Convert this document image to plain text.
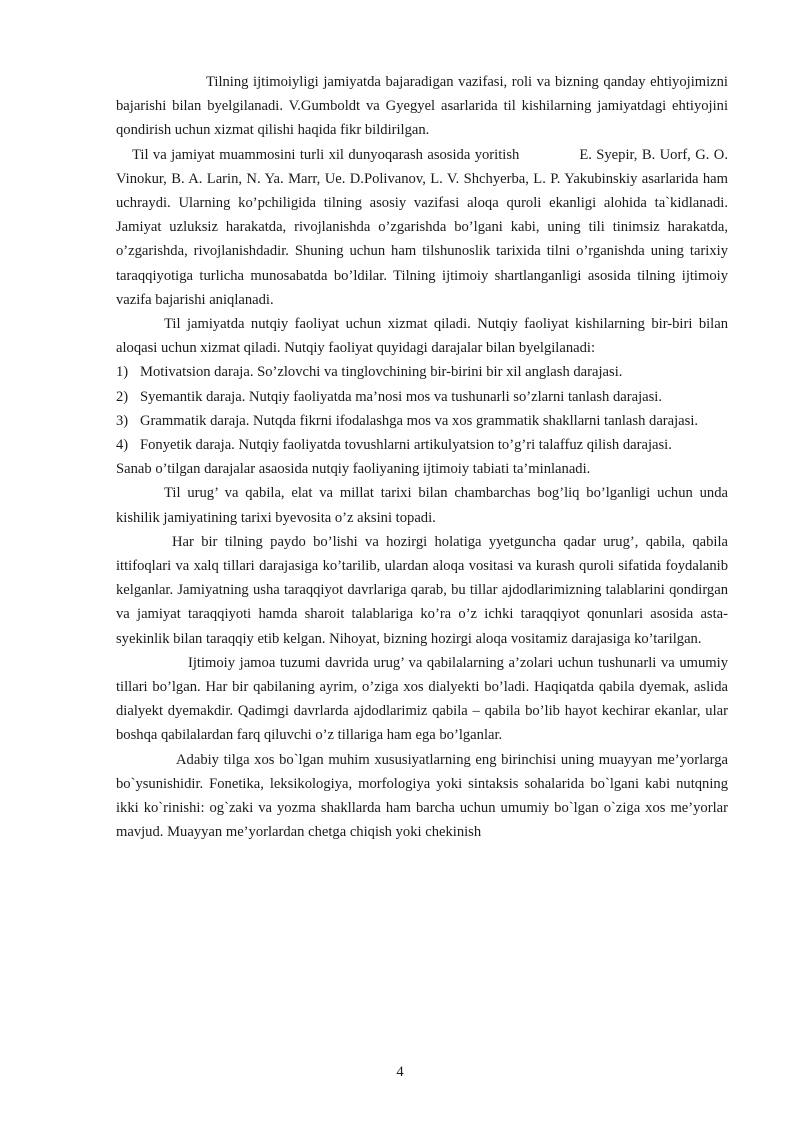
Tilning ijtimoiyligi jamiyatda bajaradigan vazifasi, roli va bizning qanday ehtiyojimizni bajarishi bilan byelgilanadi. V.Gumboldt va Gyegyel asarlarida til kishilarning jamiyatdagi ehtiyojini qondirish uchun xizmat qilishi haqida fikr bildirilgan.

Til va jamiyat muammosini turli xil dunyoqarash asosida yoritish	E. Syepir, B. Uorf, G. O. Vinokur, B. A. Larin, N. Ya. Marr, Ue. D.Polivanov, L. V. Shchyerba, L. P. Yakubinskiy asarlarida ham uchraydi. Ularning ko’pchiligida tilning asosiy vazifasi aloqa quroli ekanligi alohida ta`kidlanadi. Jamiyat uzluksiz harakatda, rivojlanishda o’zgarishda bo’lgani kabi, uning tili tinimsiz harakatda, o’zgarishda, rivojlanishdadir. Shuning uchun ham tilshunoslik tarixida tilni o’rganishda uning tarixiy taraqqiyotiga turlicha munosabatda bo’ldilar. Tilning ijtimoiy shartlanganligi asosida tilning ijtimoiy vazifa bajarishi aniqlanadi.

Til jamiyatda nutqiy faoliyat uchun xizmat qiladi. Nutqiy faoliyat kishilarning bir-biri bilan aloqasi uchun xizmat qiladi. Nutqiy faoliyat quyidagi darajalar bilan byelgilanadi:

1) Motivatsion daraja. So’zlovchi va tinglovchining bir-birini bir xil anglash darajasi.
2) Syemantik daraja. Nutqiy faoliyatda ma’nosi mos va tushunarli so’zlarni tanlash darajasi.
3) Grammatik daraja. Nutqda fikrni ifodalashga mos va xos grammatik shakllarni tanlash darajasi.
4) Fonyetik daraja. Nutqiy faoliyatda tovushlarni artikulyatsion to’g’ri talaffuz qilish darajasi.

Sanab o’tilgan darajalar asaosida nutqiy faoliyaning ijtimoiy tabiati ta’minlanadi.

Til urug’ va qabila, elat va millat tarixi bilan chambarchas bog’liq bo’lganligi uchun unda kishilik jamiyatining tarixi byevosita o’z aksini topadi.

Har bir tilning paydo bo’lishi va hozirgi holatiga yyetguncha qadar urug’, qabila, qabila ittifoqlari va xalq tillari darajasiga ko’tarilib, ulardan aloqa vositasi va kurash quroli sifatida foydalanib kelganlar. Jamiyatning usha taraqqiyot davrlariga qarab, bu tillar ajdodlarimizning talablarini qondirgan va jamiyat taraqqiyoti hamda sharoit talablariga ko’ra o’z ichki taraqqiyot qonunlari asosida asta-syekinlik bilan taraqqiy etib kelgan. Nihoyat, bizning hozirgi aloqa vositamiz darajasiga ko’tarilgan.

Ijtimoiy jamoa tuzumi davrida urug’ va qabilalarning a’zolari uchun tushunarli va umumiy tillari bo’lgan. Har bir qabilaning ayrim, o’ziga xos dialyekti bo’ladi. Haqiqatda qabila dyemak, aslida dialyekt dyemakdir. Qadimgi davrlarda ajdodlarimiz qabila – qabila bo’lib hayot kechirar ekanlar, ular boshqa qabilalardan farq qiluvchi o’z tillariga ham ega bo’lganlar.

Adabiy tilga xos bo`lgan muhim xususiyatlarning eng birinchisi uning muayyan me’yorlarga bo`ysunishidir. Fonetika, leksikologiya, morfologiya yoki sintaksis sohalarida bo`lgani kabi nutqning ikki ko`rinishi: og`zaki va yozma shakllarda ham barcha uchun umumiy bo`lgan o`ziga xos me’yorlar mavjud. Muayyan me’yorlardan chetga chiqish yoki chekinish

4
